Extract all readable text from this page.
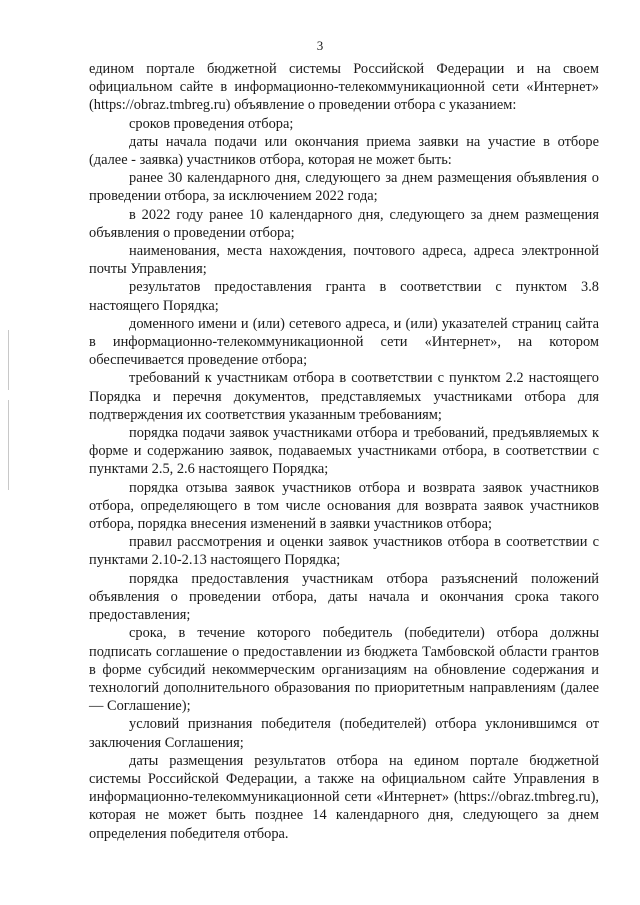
3

едином портале бюджетной системы Российской Федерации и на своем официальном сайте в информационно-телекоммуникационной сети «Интернет» (https://obraz.tmbreg.ru) объявление о проведении отбора с указанием:

сроков проведения отбора;

даты начала подачи или окончания приема заявки на участие в отборе (далее - заявка) участников отбора, которая не может быть:

ранее 30 календарного дня, следующего за днем размещения объявления о проведении отбора, за исключением 2022 года;

в 2022 году ранее 10 календарного дня, следующего за днем размещения объявления о проведении отбора;

наименования, места нахождения, почтового адреса, адреса электронной почты Управления;

результатов предоставления гранта в соответствии с пунктом 3.8 настоящего Порядка;

доменного имени и (или) сетевого адреса, и (или) указателей страниц сайта в информационно-телекоммуникационной сети «Интернет», на котором обеспечивается проведение отбора;

требований к участникам отбора в соответствии с пунктом 2.2 настоящего Порядка и перечня документов, представляемых участниками отбора для подтверждения их соответствия указанным требованиям;

порядка подачи заявок участниками отбора и требований, предъявляемых к форме и содержанию заявок, подаваемых участниками отбора, в соответствии с пунктами 2.5, 2.6 настоящего Порядка;

порядка отзыва заявок участников отбора и возврата заявок участников отбора, определяющего в том числе основания для возврата заявок участников отбора, порядка внесения изменений в заявки участников отбора;

правил рассмотрения и оценки заявок участников отбора в соответствии с пунктами 2.10-2.13 настоящего Порядка;

порядка предоставления участникам отбора разъяснений положений объявления о проведении отбора, даты начала и окончания срока такого предоставления;

срока, в течение которого победитель (победители) отбора должны подписать соглашение о предоставлении из бюджета Тамбовской области грантов в форме субсидий некоммерческим организациям на обновление содержания и технологий дополнительного образования по приоритетным направлениям (далее — Соглашение);

условий признания победителя (победителей) отбора уклонившимся от заключения Соглашения;

даты размещения результатов отбора на едином портале бюджетной системы Российской Федерации, а также на официальном сайте Управления в информационно-телекоммуникационной сети «Интернет» (https://obraz.tmbreg.ru), которая не может быть позднее 14 календарного дня, следующего за днем определения победителя отбора.
